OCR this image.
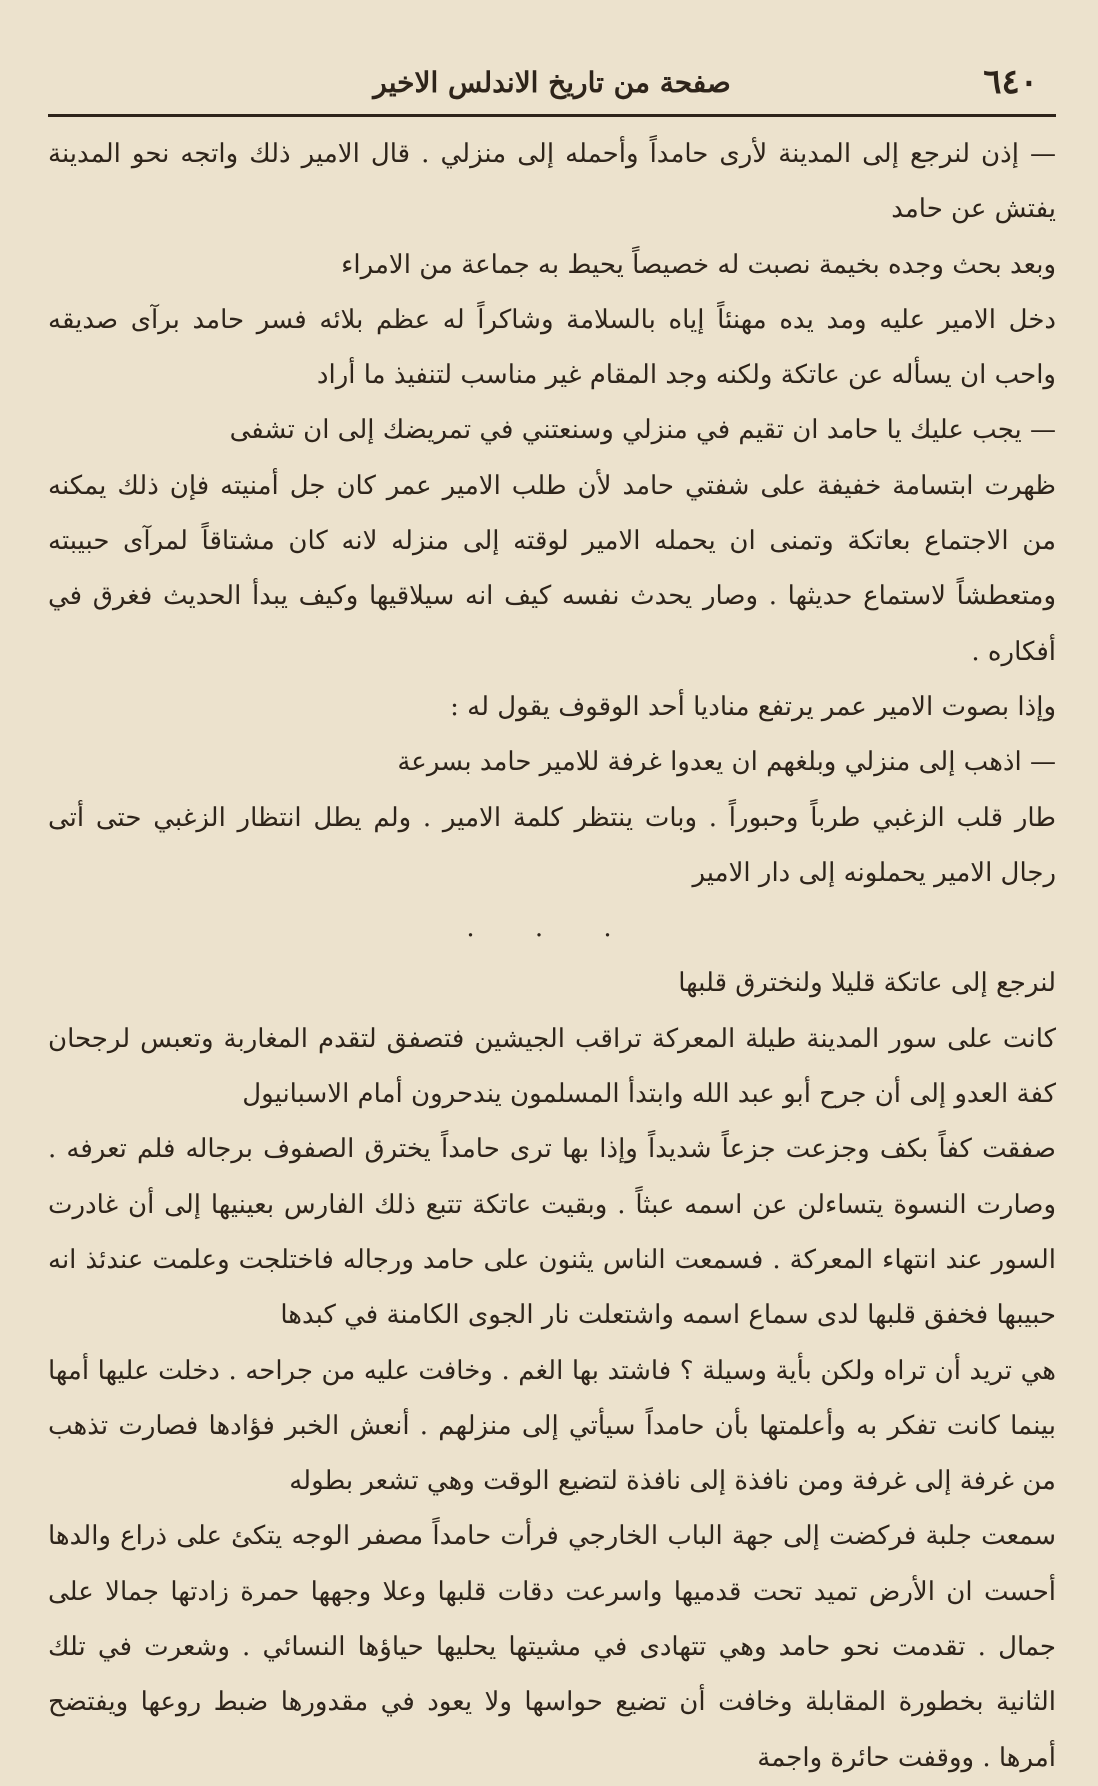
٦٤٠
صفحة من تاريخ الاندلس الاخير

— إذن لنرجع إلى المدينة لأرى حامداً وأحمله إلى منزلي . قال الامير ذلك واتجه نحو المدينة يفتش عن حامد

وبعد بحث وجده بخيمة نصبت له خصيصاً يحيط به جماعة من الامراء

دخل الامير عليه ومد يده مهنئاً إياه بالسلامة وشاكراً له عظم بلائه فسر حامد برآى صديقه واحب ان يسأله عن عاتكة ولكنه وجد المقام غير مناسب لتنفيذ ما أراد

— يجب عليك يا حامد ان تقيم في منزلي وسنعتني في تمريضك إلى ان تشفى

ظهرت ابتسامة خفيفة على شفتي حامد لأن طلب الامير عمر كان جل أمنيته فإن ذلك يمكنه من الاجتماع بعاتكة وتمنى ان يحمله الامير لوقته إلى منزله لانه كان مشتاقاً لمرآى حبيبته ومتعطشاً لاستماع حديثها . وصار يحدث نفسه كيف انه سيلاقيها وكيف يبدأ الحديث فغرق في أفكاره .

وإذا بصوت الامير عمر يرتفع مناديا أحد الوقوف يقول له :

— اذهب إلى منزلي وبلغهم ان يعدوا غرفة للامير حامد بسرعة

طار قلب الزغبي طرباً وحبوراً . وبات ينتظر كلمة الامير . ولم يطل انتظار الزغبي حتى أتى رجال الامير يحملونه إلى دار الامير

. . .

لنرجع إلى عاتكة قليلا ولنخترق قلبها

كانت على سور المدينة طيلة المعركة تراقب الجيشين فتصفق لتقدم المغاربة وتعبس لرجحان كفة العدو إلى أن جرح أبو عبد الله وابتدأ المسلمون يندحرون أمام الاسبانيول

صفقت كفاً بكف وجزعت جزعاً شديداً وإذا بها ترى حامداً يخترق الصفوف برجاله فلم تعرفه . وصارت النسوة يتساءلن عن اسمه عبثاً . وبقيت عاتكة تتبع ذلك الفارس بعينيها إلى أن غادرت السور عند انتهاء المعركة . فسمعت الناس يثنون على حامد ورجاله فاختلجت وعلمت عندئذ انه حبيبها فخفق قلبها لدى سماع اسمه واشتعلت نار الجوى الكامنة في كبدها

هي تريد أن تراه ولكن بأية وسيلة ؟ فاشتد بها الغم . وخافت عليه من جراحه . دخلت عليها أمها بينما كانت تفكر به وأعلمتها بأن حامداً سيأتي إلى منزلهم . أنعش الخبر فؤادها فصارت تذهب من غرفة إلى غرفة ومن نافذة إلى نافذة لتضيع الوقت وهي تشعر بطوله

سمعت جلبة فركضت إلى جهة الباب الخارجي فرأت حامداً مصفر الوجه يتكئ على ذراع والدها أحست ان الأرض تميد تحت قدميها واسرعت دقات قلبها وعلا وجهها حمرة زادتها جمالا على جمال . تقدمت نحو حامد وهي تتهادى في مشيتها يحليها حياؤها النسائي . وشعرت في تلك الثانية بخطورة المقابلة وخافت أن تضيع حواسها ولا يعود في مقدورها ضبط روعها ويفتضح أمرها . ووقفت حائرة واجمة
